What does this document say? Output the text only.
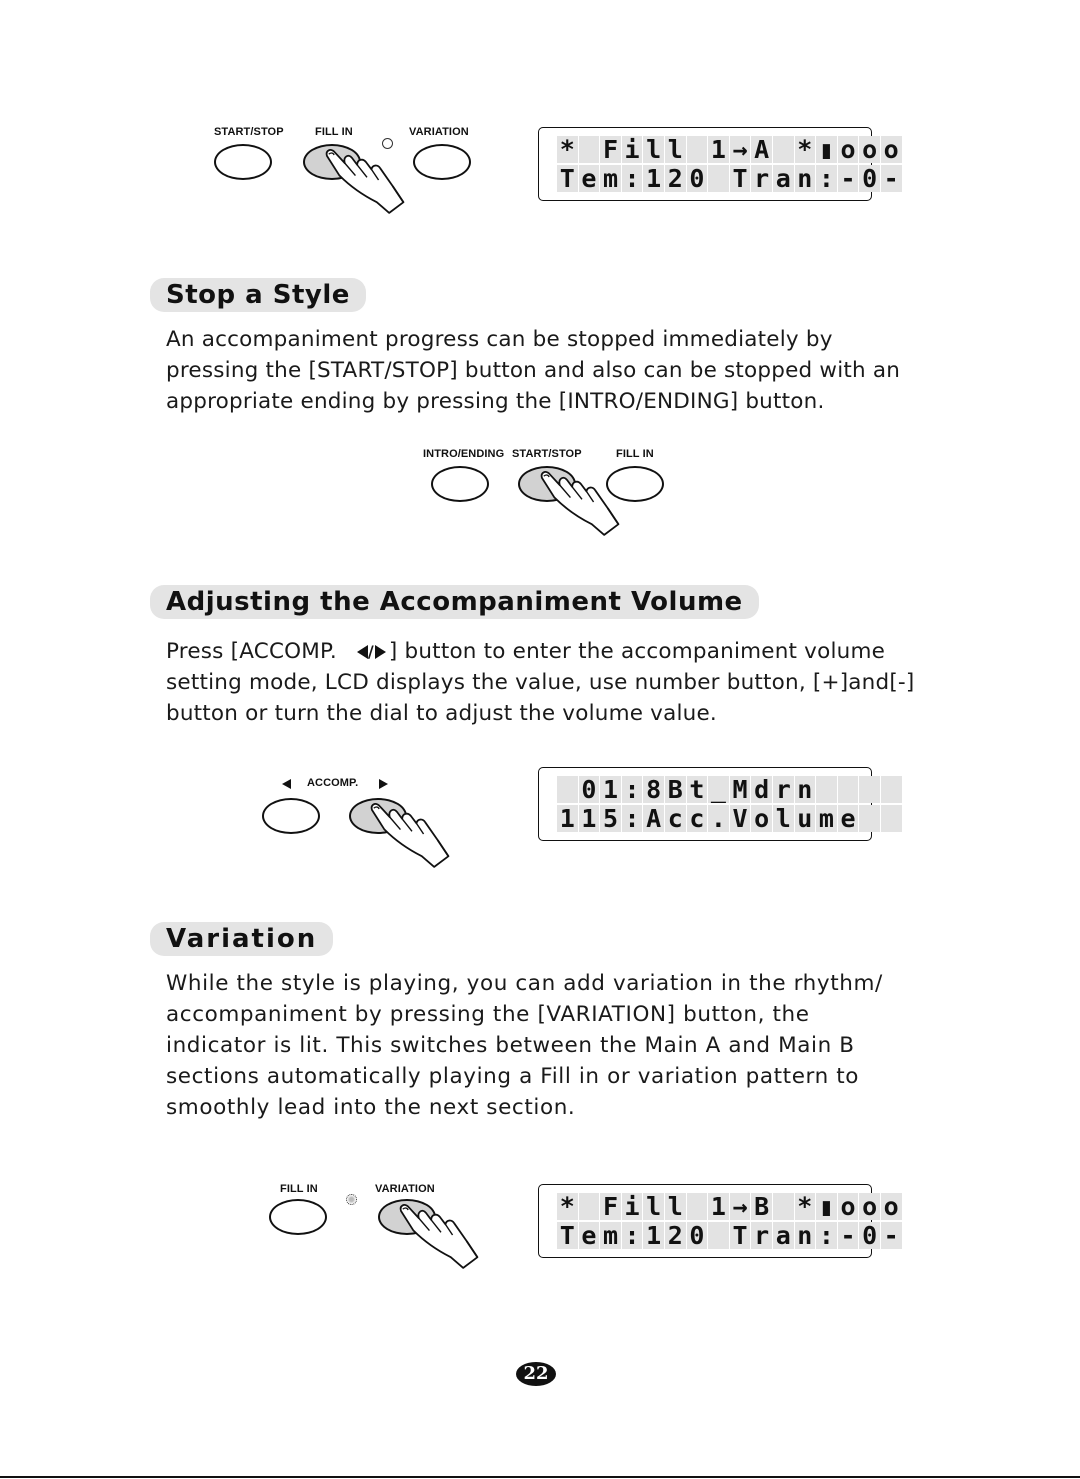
START/STOP	FILL IN	VARIATION
* F i l l 1 → A * ▮ o o o
T e m : 1 2 0 T r a n : - 0 -
Stop a Style
An accompaniment progress can be stopped immediately by
pressing the [START/STOP] button and also can be stopped with an
appropriate ending by pressing the [INTRO/ENDING] button.
INTRO/ENDING START/STOP	FILL IN
Adjusting the Accompaniment Volume
Press [ACCOMP. / ] button to enter the accompaniment volume
setting mode, LCD displays the value, use number button, [+]and[-]
button or turn the dial to adjust the volume value.
ACCOMP.	0 1 : 8 B t _ M d r n
1 1 5 : A c c . V o l u m e
Variation
While the style is playing, you can add variation in the rhythm/
accompaniment by pressing the [VARIATION] button, the
indicator is lit. This switches between the Main A and Main B
sections automatically playing a Fill in or variation pattern to
smoothly lead into the next section.
FILL IN	VARIATION
* F i l l 1 → B * ▮ o o o
T e m : 1 2 0 T r a n : - 0 -
22
